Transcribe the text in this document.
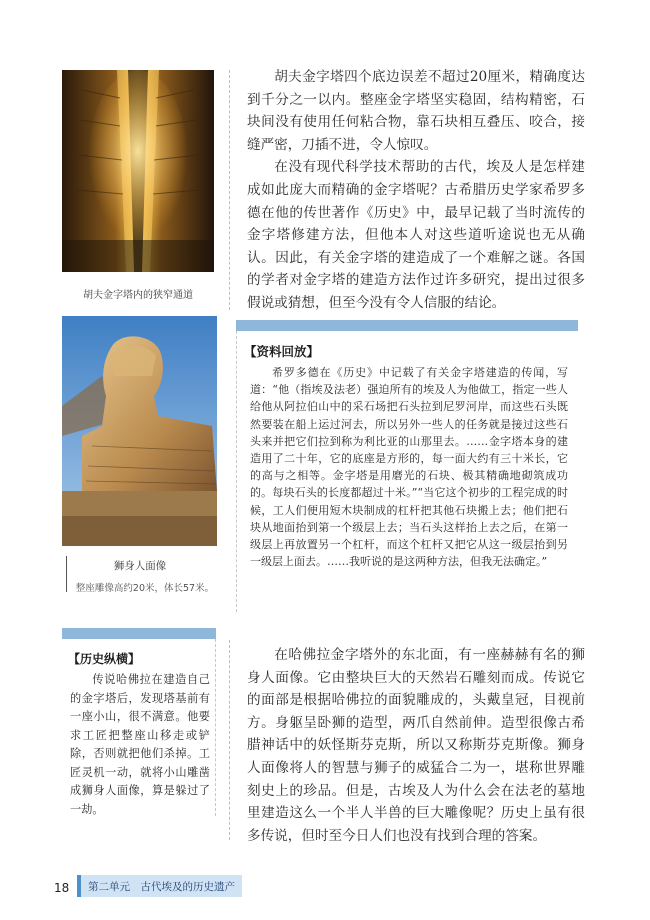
胡夫金字塔内的狭窄通道
狮身人面像
整座雕像高约20米，体长57米。

胡夫金字塔四个底边误差不超过20厘米，精确度达到千分之一以内。整座金字塔坚实稳固，结构精密，石块间没有使用任何粘合物，靠石块相互叠压、咬合，接缝严密，刀插不进，令人惊叹。

在没有现代科学技术帮助的古代，埃及人是怎样建成如此庞大而精确的金字塔呢？古希腊历史学家希罗多德在他的传世著作《历史》中，最早记载了当时流传的金字塔修建方法，但他本人对这些道听途说也无从确认。因此，有关金字塔的建造成了一个难解之谜。各国的学者对金字塔的建造方法作过许多研究，提出过很多假说或猜想，但至今没有令人信服的结论。

【资料回放】

希罗多德在《历史》中记载了有关金字塔建造的传闻，写道：“他（指埃及法老）强迫所有的埃及人为他做工，指定一些人给他从阿拉伯山中的采石场把石头拉到尼罗河岸，而这些石头既然要装在船上运过河去，所以另外一些人的任务就是接过这些石头来并把它们拉到称为利比亚的山那里去。……金字塔本身的建造用了二十年，它的底座是方形的，每一面大约有三十米长，它的高与之相等。金字塔是用磨光的石块、极其精确地砌筑成功的。每块石头的长度都超过十米。”“当它这个初步的工程完成的时候，工人们便用短木块制成的杠杆把其他石块搬上去；他们把石块从地面抬到第一个级层上去；当石头这样抬上去之后，在第一级层上再放置另一个杠杆，而这个杠杆又把它从这一级层抬到另一级层上面去。……我听说的是这两种方法，但我无法确定。”

【历史纵横】

传说哈佛拉在建造自己的金字塔后，发现塔基前有一座小山，很不满意。他要求工匠把整座山移走或铲除，否则就把他们杀掉。工匠灵机一动，就将小山雕凿成狮身人面像，算是躲过了一劫。

在哈佛拉金字塔外的东北面，有一座赫赫有名的狮身人面像。它由整块巨大的天然岩石雕刻而成。传说它的面部是根据哈佛拉的面貌雕成的，头戴皇冠，目视前方。身躯呈卧狮的造型，两爪自然前伸。造型很像古希腊神话中的妖怪斯芬克斯，所以又称斯芬克斯像。狮身人面像将人的智慧与狮子的威猛合二为一，堪称世界雕刻史上的珍品。但是，古埃及人为什么会在法老的墓地里建造这么一个半人半兽的巨大雕像呢？历史上虽有很多传说，但时至今日人们也没有找到合理的答案。

18 第二单元　古代埃及的历史遗产
